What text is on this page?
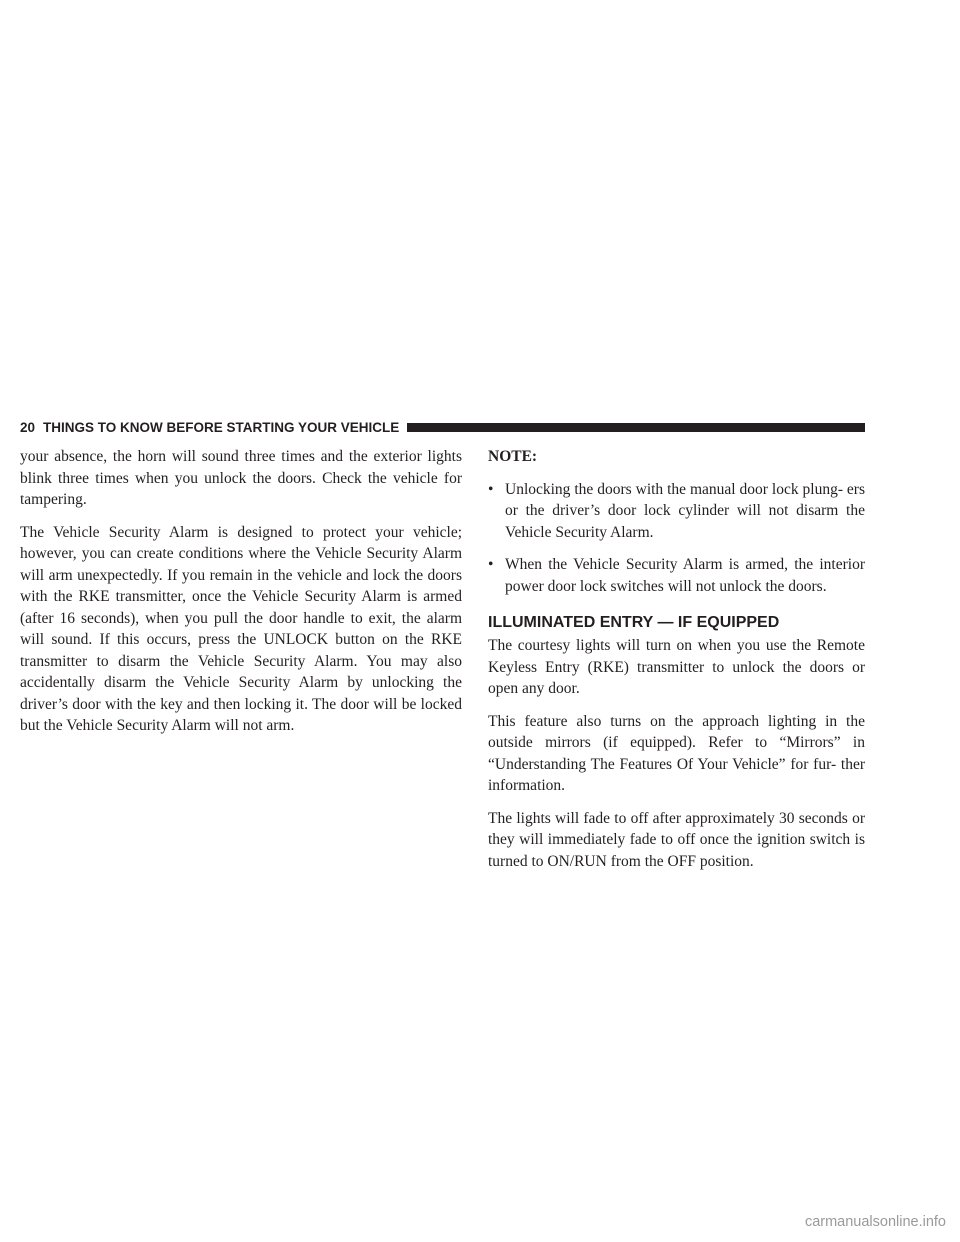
20 THINGS TO KNOW BEFORE STARTING YOUR VEHICLE

your absence, the horn will sound three times and the exterior lights blink three times when you unlock the doors. Check the vehicle for tampering.

The Vehicle Security Alarm is designed to protect your vehicle; however, you can create conditions where the Vehicle Security Alarm will arm unexpectedly. If you remain in the vehicle and lock the doors with the RKE transmitter, once the Vehicle Security Alarm is armed (after 16 seconds), when you pull the door handle to exit, the alarm will sound. If this occurs, press the UNLOCK button on the RKE transmitter to disarm the Vehicle Security Alarm. You may also accidentally disarm the Vehicle Security Alarm by unlocking the driver’s door with the key and then locking it. The door will be locked but the Vehicle Security Alarm will not arm.

NOTE:

• Unlocking the doors with the manual door lock plung- ers or the driver’s door lock cylinder will not disarm the Vehicle Security Alarm.
• When the Vehicle Security Alarm is armed, the interior power door lock switches will not unlock the doors.
ILLUMINATED ENTRY — IF EQUIPPED

The courtesy lights will turn on when you use the Remote Keyless Entry (RKE) transmitter to unlock the doors or open any door.

This feature also turns on the approach lighting in the outside mirrors (if equipped). Refer to “Mirrors” in “Understanding The Features Of Your Vehicle” for fur- ther information.

The lights will fade to off after approximately 30 seconds or they will immediately fade to off once the ignition switch is turned to ON/RUN from the OFF position.

carmanualsonline.info
